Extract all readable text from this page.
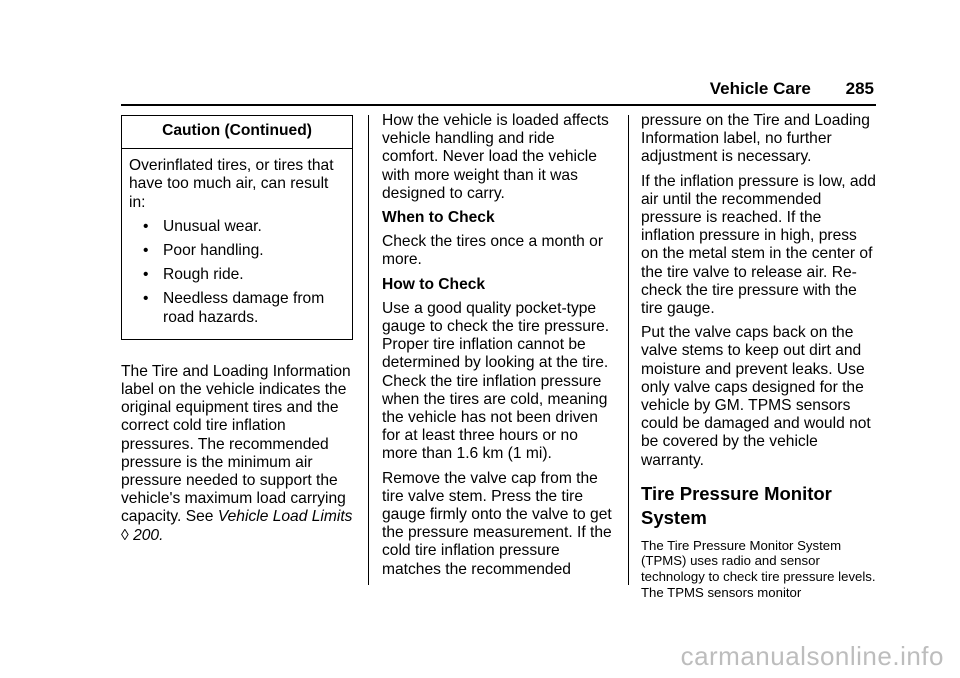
Vehicle Care 285
Caution (Continued)

Overinflated tires, or tires that have too much air, can result in:

• Unusual wear.
• Poor handling.
• Rough ride.
• Needless damage from road hazards.

The Tire and Loading Information label on the vehicle indicates the original equipment tires and the correct cold tire inflation pressures. The recommended pressure is the minimum air pressure needed to support the vehicle's maximum load carrying capacity. See Vehicle Load Limits ◊ 200.

How the vehicle is loaded affects vehicle handling and ride comfort. Never load the vehicle with more weight than it was designed to carry.

When to Check

Check the tires once a month or more.

How to Check

Use a good quality pocket-type gauge to check the tire pressure. Proper tire inflation cannot be determined by looking at the tire. Check the tire inflation pressure when the tires are cold, meaning the vehicle has not been driven for at least three hours or no more than 1.6 km (1 mi).

Remove the valve cap from the tire valve stem. Press the tire gauge firmly onto the valve to get the pressure measurement. If the cold tire inflation pressure matches the recommended

pressure on the Tire and Loading Information label, no further adjustment is necessary.

If the inflation pressure is low, add air until the recommended pressure is reached. If the inflation pressure in high, press on the metal stem in the center of the tire valve to release air. Re-check the tire pressure with the tire gauge.

Put the valve caps back on the valve stems to keep out dirt and moisture and prevent leaks. Use only valve caps designed for the vehicle by GM. TPMS sensors could be damaged and would not be covered by the vehicle warranty.

Tire Pressure Monitor System

The Tire Pressure Monitor System (TPMS) uses radio and sensor technology to check tire pressure levels. The TPMS sensors monitor

carmanualsonline.info
